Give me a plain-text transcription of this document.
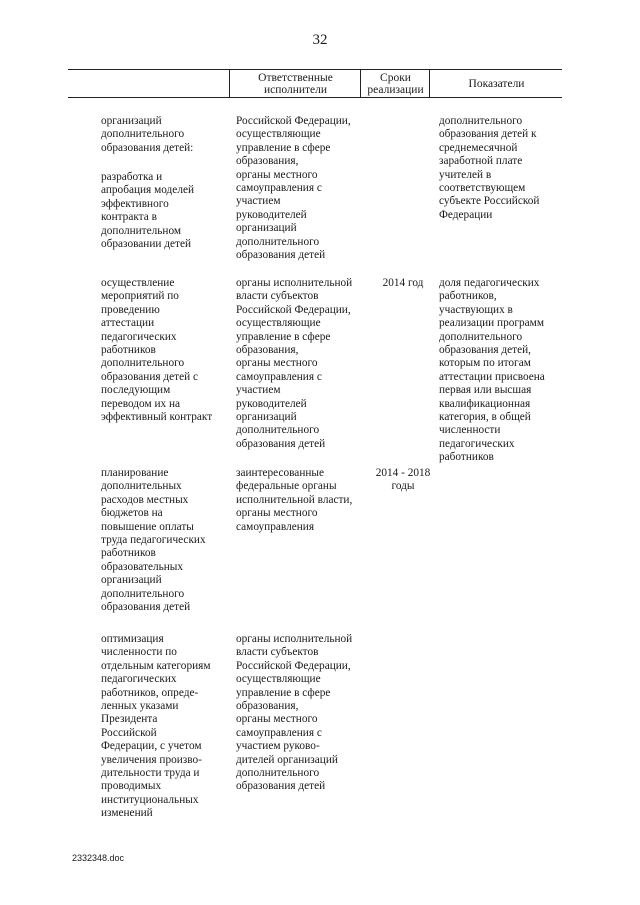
32
Ответственные
исполнители
Сроки
реализации	Показатели
организаций
дополнительного
образования детей:
Российской Федерации,
осуществляющие
управление в сфере
образования,
органы местного
самоуправления с
участием
руководителей
организаций
дополнительного
образования детей
дополнительного
образования детей к
среднемесячной
заработной плате
учителей в
соответствующем
субъекте Российской
Федерации
разработка и
апробация моделей
эффективного
контракта в
дополнительном
образовании детей
осуществление
мероприятий по
проведению
аттестации
педагогических
работников
дополнительного
образования детей с
последующим
переводом их на
эффективный контракт
органы исполнительной
власти субъектов
Российской Федерации,
осуществляющие
управление в сфере
образования,
органы местного
самоуправления с
участием
руководителей
организаций
дополнительного
образования детей
2014 год	доля педагогических
работников,
участвующих в
реализации программ
дополнительного
образования детей,
которым по итогам
аттестации присвоена
первая или высшая
квалификационная
категория, в общей
численности
педагогических
работников
планирование
дополнительных
расходов местных
бюджетов на
повышение оплаты
труда педагогических
работников
образовательных
организаций
дополнительного
образования детей
заинтересованные
федеральные органы
исполнительной власти,
органы местного
самоуправления
2014 - 2018
годы
оптимизация
численности по
отдельным категориям
педагогических
работников, опреде-
ленных указами
Президента
Российской
Федерации, с учетом
увеличения произво-
дительности труда и
проводимых
институциональных
изменений
органы исполнительной
власти субъектов
Российской Федерации,
осуществляющие
управление в сфере
образования,
органы местного
самоуправления с
участием руково-
дителей организаций
дополнительного
образования детей
2332348.doc
